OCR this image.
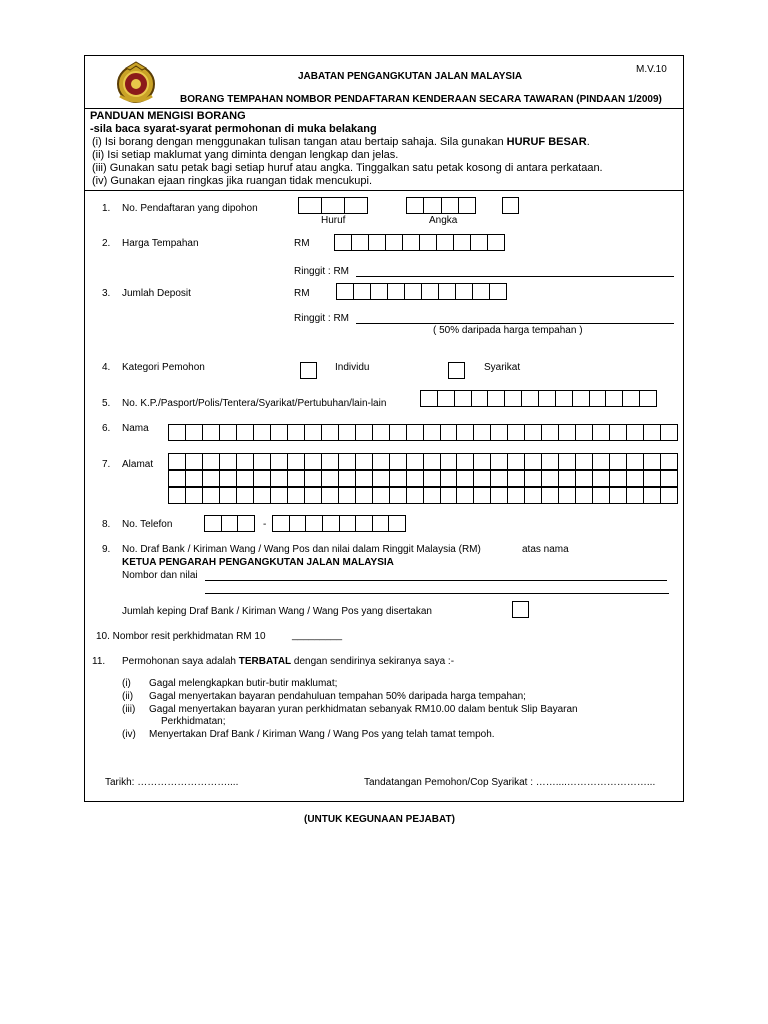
JABATAN PENGANGKUTAN JALAN MALAYSIA
M.V.10
BORANG TEMPAHAN NOMBOR PENDAFTARAN KENDERAAN SECARA TAWARAN (PINDAAN 1/2009)
PANDUAN MENGISI BORANG
-sila baca syarat-syarat permohonan di muka belakang
(i) Isi borang dengan menggunakan tulisan tangan atau bertaip sahaja. Sila gunakan HURUF BESAR.
(ii) Isi setiap maklumat yang diminta dengan lengkap dan jelas.
(iii) Gunakan satu petak bagi setiap huruf atau angka. Tinggalkan satu petak kosong di antara perkataan.
(iv) Gunakan ejaan ringkas jika ruangan tidak mencukupi.
1. No. Pendaftaran yang dipohon
Huruf	Angka
2. Harga Tempahan	RM
Ringgit : RM
3. Jumlah Deposit	RM
Ringgit : RM
( 50% daripada harga tempahan )
4. Kategori Pemohon	Individu	Syarikat
5. No. K.P./Pasport/Polis/Tentera/Syarikat/Pertubuhan/lain-lain
6. Nama
7. Alamat
8. No. Telefon	-
9. No. Draf Bank / Kiriman Wang / Wang Pos dan nilai dalam Ringgit Malaysia (RM)	atas nama
KETUA PENGARAH PENGANGKUTAN JALAN MALAYSIA
Nombor dan nilai
Jumlah keping Draf Bank / Kiriman Wang / Wang Pos yang disertakan
10. Nombor resit perkhidmatan RM 10	_________
11. Permohonan saya adalah TERBATAL dengan sendirinya sekiranya saya :-
(i) Gagal melengkapkan butir-butir maklumat;
(ii) Gagal menyertakan bayaran pendahuluan tempahan 50% daripada harga tempahan;
(iii) Gagal menyertakan bayaran yuran perkhidmatan sebanyak RM10.00 dalam bentuk Slip Bayaran
Perkhidmatan;
(iv) Menyertakan Draf Bank / Kiriman Wang / Wang Pos yang telah tamat tempoh.
Tarikh: ………………………....	Tandatangan Pemohon/Cop Syarikat : ……....……………………...
(UNTUK KEGUNAAN PEJABAT)
